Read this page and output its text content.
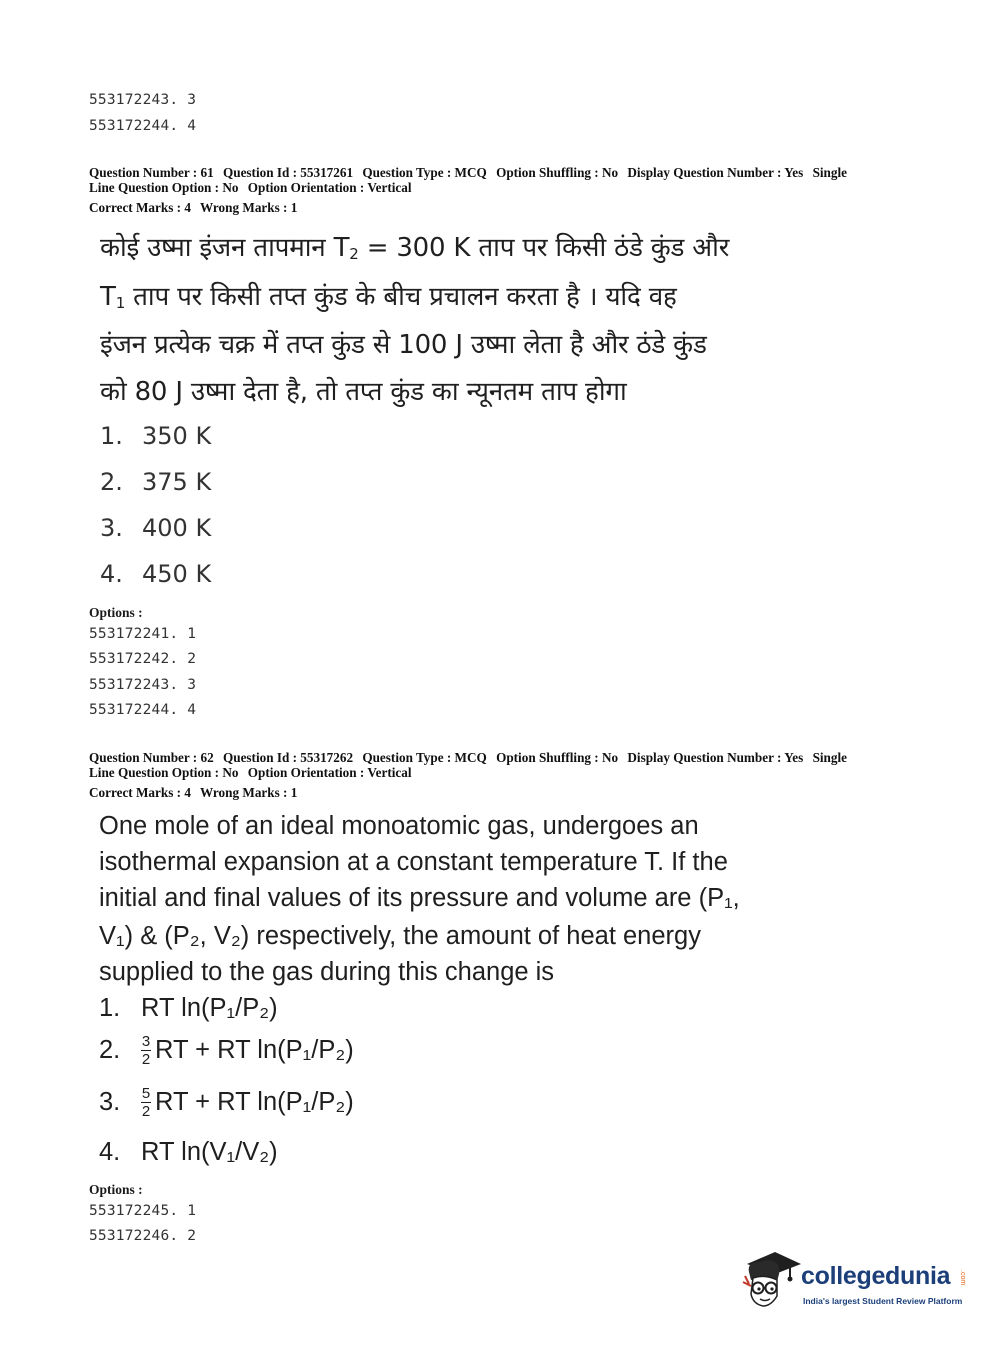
553172243. 3
553172244. 4
Question Number : 61 Question Id : 55317261 Question Type : MCQ Option Shuffling : No Display Question Number : Yes Single
Line Question Option : No Option Orientation : Vertical
Correct Marks : 4 Wrong Marks : 1
कोई उष्मा इंजन तापमान $T_2 = 300$ K ताप पर किसी ठंडे कुंड और
$T_1$ ताप पर किसी तप्त कुंड के बीच प्रचालन करता है । यदि वह
इंजन प्रत्येक चक्र में तप्त कुंड से 100 J उष्मा लेता है और ठंडे कुंड
को 80 J उष्मा देता है, तो तप्त कुंड का न्यूनतम ताप होगा
1. 350 K
2. 375 K
3. 400 K
4. 450 K
Options :
553172241. 1
553172242. 2
553172243. 3
553172244. 4
Question Number : 62 Question Id : 55317262 Question Type : MCQ Option Shuffling : No Display Question Number : Yes Single
Line Question Option : No Option Orientation : Vertical
Correct Marks : 4 Wrong Marks : 1
One mole of an ideal monoatomic gas, undergoes an
isothermal expansion at a constant temperature T. If the
initial and final values of its pressure and volume are (P₁,
V₁) & (P₂, V₂) respectively, the amount of heat energy
supplied to the gas during this change is
1. RT ln(P₁/P₂)
2.	$\frac{3}{2}$ RT + RT ln(P₁/P₂)
3.	$\frac{5}{2}$ RT + RT ln(P₁/P₂)
4. RT ln(V₁/V₂)
Options :
553172245. 1
553172246. 2
collegedunia .com
India's largest Student Review Platform
